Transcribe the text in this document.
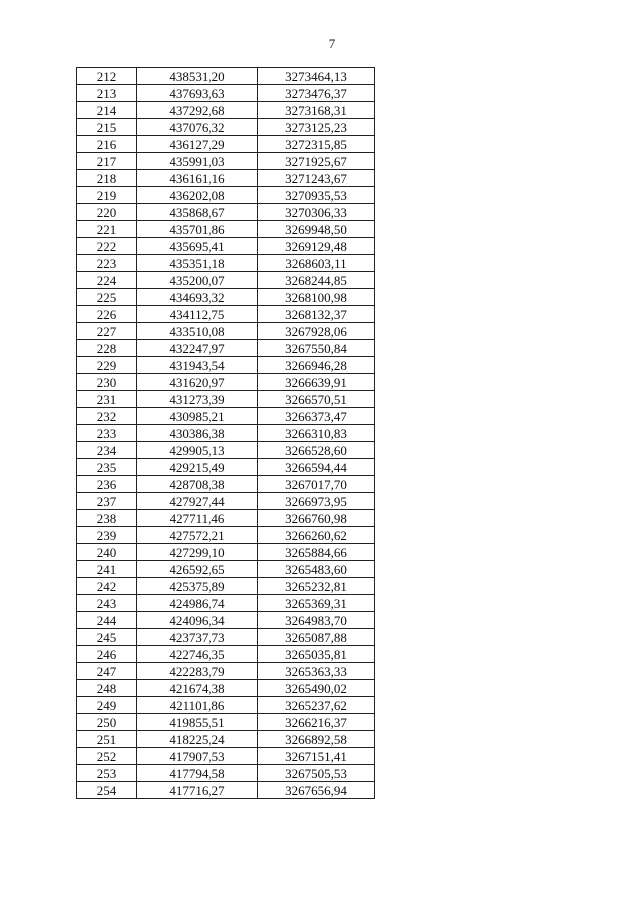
7
212	438531,20	3273464,13
213	437693,63	3273476,37
214	437292,68	3273168,31
215	437076,32	3273125,23
216	436127,29	3272315,85
217	435991,03	3271925,67
218	436161,16	3271243,67
219	436202,08	3270935,53
220	435868,67	3270306,33
221	435701,86	3269948,50
222	435695,41	3269129,48
223	435351,18	3268603,11
224	435200,07	3268244,85
225	434693,32	3268100,98
226	434112,75	3268132,37
227	433510,08	3267928,06
228	432247,97	3267550,84
229	431943,54	3266946,28
230	431620,97	3266639,91
231	431273,39	3266570,51
232	430985,21	3266373,47
233	430386,38	3266310,83
234	429905,13	3266528,60
235	429215,49	3266594,44
236	428708,38	3267017,70
237	427927,44	3266973,95
238	427711,46	3266760,98
239	427572,21	3266260,62
240	427299,10	3265884,66
241	426592,65	3265483,60
242	425375,89	3265232,81
243	424986,74	3265369,31
244	424096,34	3264983,70
245	423737,73	3265087,88
246	422746,35	3265035,81
247	422283,79	3265363,33
248	421674,38	3265490,02
249	421101,86	3265237,62
250	419855,51	3266216,37
251	418225,24	3266892,58
252	417907,53	3267151,41
253	417794,58	3267505,53
254	417716,27	3267656,94
